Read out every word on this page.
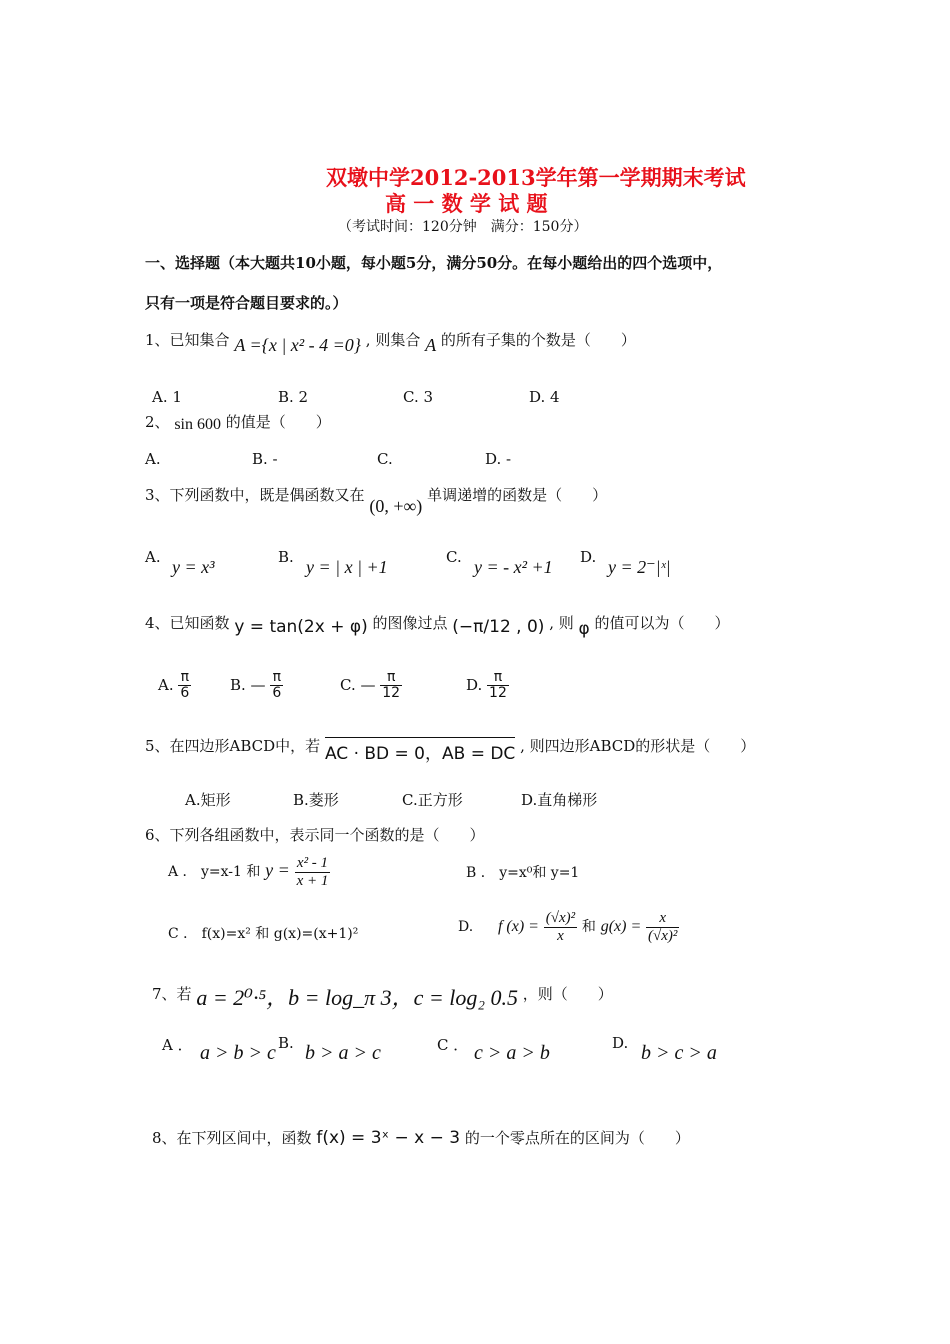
双墩中学2012-2013学年第一学期期末考试
高 一 数 学 试 题
（考试时间：120分钟　满分：150分）
一、选择题（本大题共10小题，每小题5分，满分50分。在每小题给出的四个选项中，
只有一项是符合题目要求的。）
1、已知集合 A ={x | x² - 4 =0} , 则集合 A 的所有子集的个数是（　　）
A. 1	B. 2	C. 3	D. 4
2、 sin 600 的值是（　　）
A.	B. -	C.	D. -
3、下列函数中，既是偶函数又在 (0, +∞) 单调递增的函数是（　　）
A. y = x³	B. y = | x | +1	C. y = - x² +1 D. y = 2⁻|ˣ|
4、已知函数 y = tan(2x + φ) 的图像过点 (−π/12 , 0) , 则 φ 的值可以为（　　）
A. $\frac{\pi}{6}$	B. — $\frac{\pi}{6}$	C. — $\frac{\pi}{12}$	D. $\frac{\pi}{12}$
5、在四边形ABCD中，若 AC · BD = 0，AB = DC , 则四边形ABCD的形状是（　　）
A.矩形	B.菱形	C.正方形	D.直角梯形
6、下列各组函数中，表示同一个函数的是（　　）
A ． y=x-1 和 $y = \frac{\text{x² - 1}}{x + 1}$	B ． y=x⁰和 y=1
C ． f(x)=x² 和 g(x)=(x+1)²	D. f $(x) = \frac{\text{(√x)²}}{x}$ 和 $g(x) = \frac{x}{\text{(√x)²}}$
7、若 a = 2⁰·⁵，b = log_π 3，c = log₂ 0.5 ，则（　　）
A ． a > b > c B. b > a > c	C ． c > a > b	D. b > c > a
8、在下列区间中，函数 f(x) = 3ˣ − x − 3 的一个零点所在的区间为（　　）
